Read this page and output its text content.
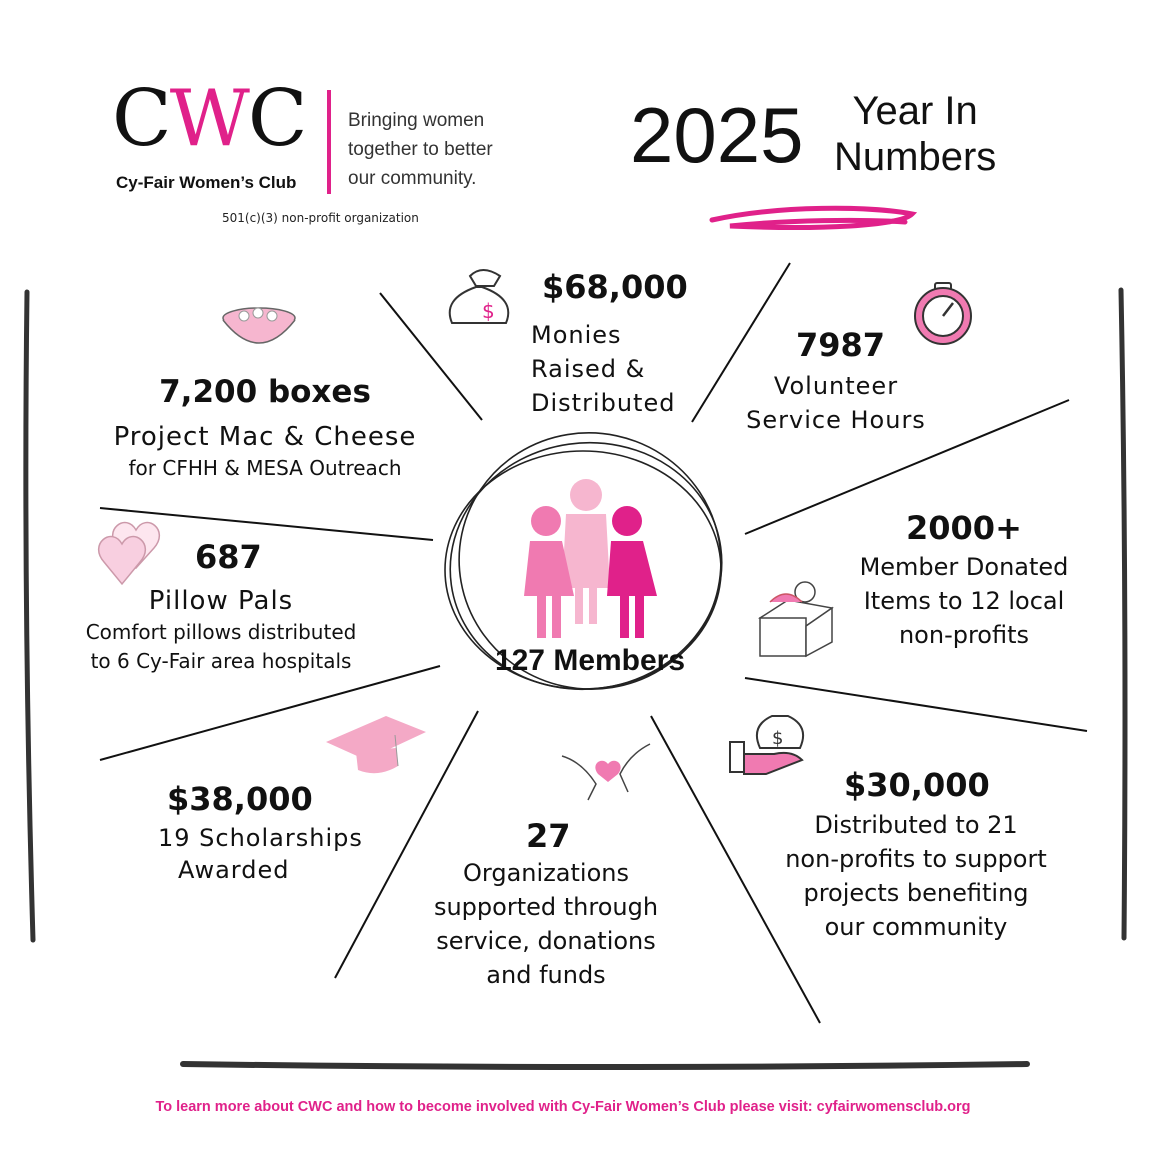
$
$
CWC
Cy-Fair Women’s Club
Bringing women
together to better
our community.
501(c)(3) non-profit organization
2025	Year In
Numbers
$68,000
Monies
Raised &
Distributed
7987
Volunteer
Service Hours
7,200 boxes
Project Mac & Cheese
for CFHH & MESA Outreach
2000+
Member Donated
Items to 12 local
non-profits
687
Pillow Pals
Comfort pillows distributed
to 6 Cy-Fair area hospitals	127 Members
$38,000
19 Scholarships
Awarded
$30,000
Distributed to 21
non-profits to support
projects benefiting
our community
27
Organizations
supported through
service, donations
and funds
To learn more about CWC and how to become involved with Cy-Fair Women’s Club please visit: cyfairwomensclub.org
